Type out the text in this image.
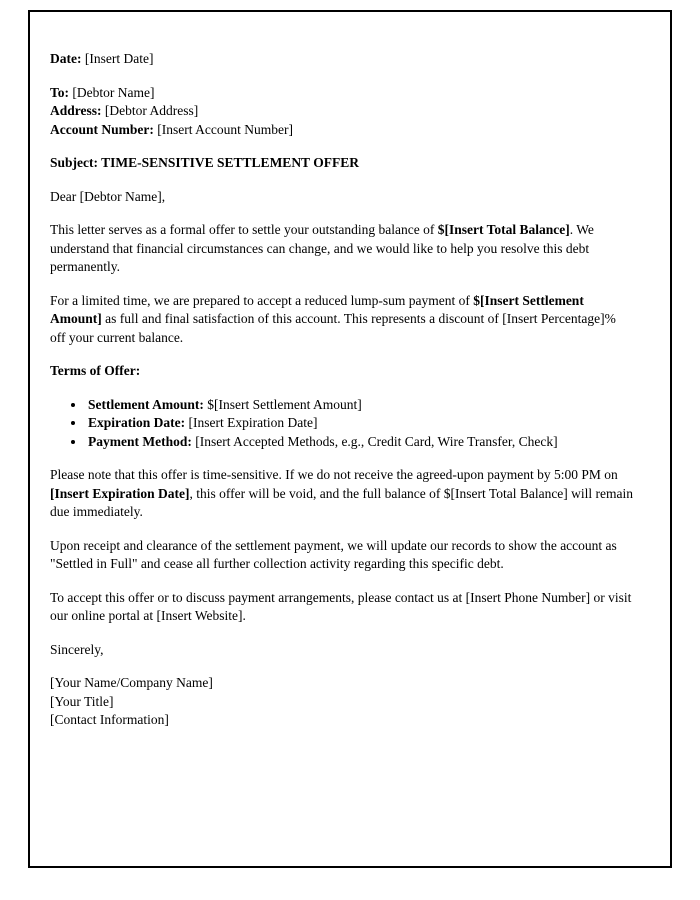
Date: [Insert Date]

To: [Debtor Name]
Address: [Debtor Address]
Account Number: [Insert Account Number]

Subject: TIME-SENSITIVE SETTLEMENT OFFER

Dear [Debtor Name],

This letter serves as a formal offer to settle your outstanding balance of $[Insert Total Balance]. We understand that financial circumstances can change, and we would like to help you resolve this debt permanently.

For a limited time, we are prepared to accept a reduced lump-sum payment of $[Insert Settlement Amount] as full and final satisfaction of this account. This represents a discount of [Insert Percentage]% off your current balance.

Terms of Offer:

• Settlement Amount: $[Insert Settlement Amount]
• Expiration Date: [Insert Expiration Date]
• Payment Method: [Insert Accepted Methods, e.g., Credit Card, Wire Transfer, Check]

Please note that this offer is time-sensitive. If we do not receive the agreed-upon payment by 5:00 PM on [Insert Expiration Date], this offer will be void, and the full balance of $[Insert Total Balance] will remain due immediately.

Upon receipt and clearance of the settlement payment, we will update our records to show the account as "Settled in Full" and cease all further collection activity regarding this specific debt.

To accept this offer or to discuss payment arrangements, please contact us at [Insert Phone Number] or visit our online portal at [Insert Website].

Sincerely,

[Your Name/Company Name]
[Your Title]
[Contact Information]
